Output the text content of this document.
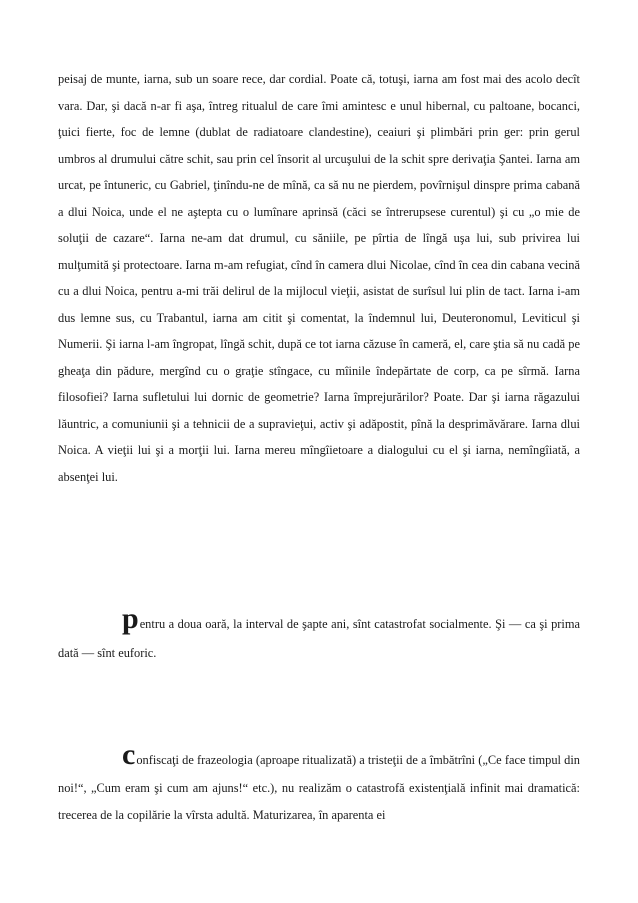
peisaj de munte, iarna, sub un soare rece, dar cordial. Poate că, totuşi, iarna am fost mai des acolo decît vara. Dar, şi dacă n-ar fi aşa, întreg ritualul de care îmi amintesc e unul hibernal, cu paltoane, bocanci, ţuici fierte, foc de lemne (dublat de radiatoare clandestine), ceaiuri şi plimbări prin ger: prin gerul umbros al drumului către schit, sau prin cel însorit al urcuşului de la schit spre derivaţia Şantei. Iarna am urcat, pe întuneric, cu Gabriel, ţinîndu-ne de mînă, ca să nu ne pierdem, povîrnişul dinspre prima cabană a dlui Noica, unde el ne aştepta cu o lumînare aprinsă (căci se întrerupsese curentul) şi cu „o mie de soluţii de cazare“. Iarna ne-am dat drumul, cu săniile, pe pîrtia de lîngă uşa lui, sub privirea lui mulţumită şi protectoare. Iarna m-am refugiat, cînd în camera dlui Nicolae, cînd în cea din cabana vecină cu a dlui Noica, pentru a-mi trăi delirul de la mijlocul vieţii, asistat de surîsul lui plin de tact. Iarna i-am dus lemne sus, cu Trabantul, iarna am citit şi comentat, la îndemnul lui, Deuteronomul, Leviticul şi Numerii. Şi iarna l-am îngropat, lîngă schit, după ce tot iarna căzuse în cameră, el, care ştia să nu cadă pe gheaţa din pădure, mergînd cu o graţie stîngace, cu mîinile îndepărtate de corp, ca pe sîrmă. Iarna filosofiei? Iarna sufletului lui dornic de geometrie? Iarna împrejurărilor? Poate. Dar şi iarna răgazului lăuntric, a comuniunii şi a tehnicii de a supravieţui, activ şi adăpostit, pînă la desprimăvărare. Iarna dlui Noica. A vieţii lui şi a morţii lui. Iarna mereu mîngîietoare a dialogului cu el şi iarna, nemîngîiată, a absenţei lui.

pentru a doua oară, la interval de şapte ani, sînt catastrofat socialmente. Şi — ca şi prima dată — sînt euforic.

confiscaţi de frazeologia (aproape ritualizată) a tristeţii de a îmbătrîni („Ce face timpul din noi!“, „Cum eram şi cum am ajuns!“ etc.), nu realizăm o catastrofă existenţială infinit mai dramatică: trecerea de la copilărie la vîrsta adultă. Maturizarea, în aparenta ei
